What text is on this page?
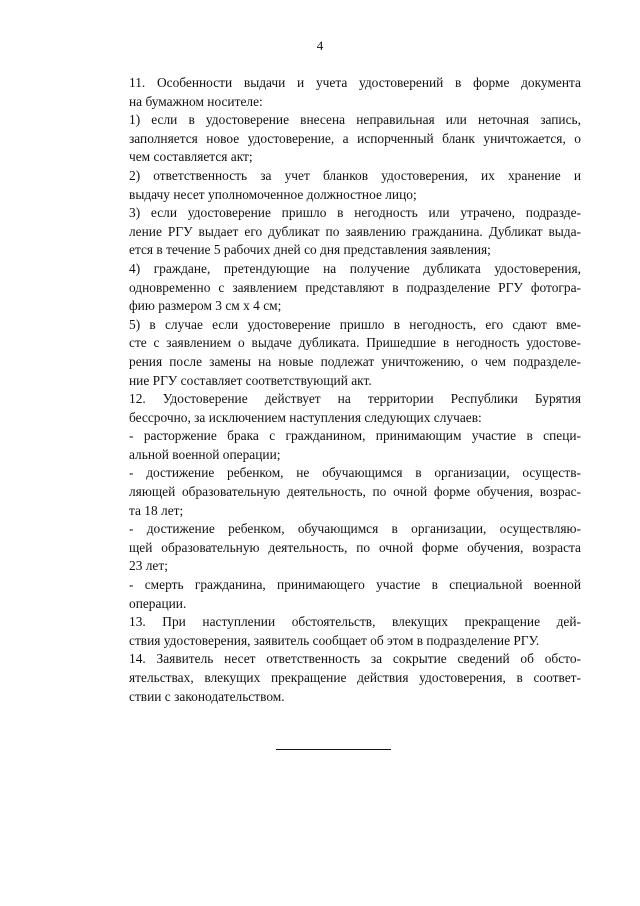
4

11. Особенности выдачи и учета удостоверений в форме документа
на бумажном носителе:

1) если в удостоверение внесена неправильная или неточная запись,
заполняется новое удостоверение, а испорченный бланк уничтожается, о
чем составляется акт;

2) ответственность за учет бланков удостоверения, их хранение и
выдачу несет уполномоченное должностное лицо;

3) если удостоверение пришло в негодность или утрачено, подразде-
ление РГУ выдает его дубликат по заявлению гражданина. Дубликат выда-
ется в течение 5 рабочих дней со дня представления заявления;

4) граждане, претендующие на получение дубликата удостоверения,
одновременно с заявлением представляют в подразделение РГУ фотогра-
фию размером 3 см х 4 см;

5) в случае если удостоверение пришло в негодность, его сдают вме-
сте с заявлением о выдаче дубликата. Пришедшие в негодность удостове-
рения после замены на новые подлежат уничтожению, о чем подразделе-
ние РГУ составляет соответствующий акт.

12. Удостоверение действует на территории Республики Бурятия
бессрочно, за исключением наступления следующих случаев:

- расторжение брака с гражданином, принимающим участие в специ-
альной военной операции;

- достижение ребенком, не обучающимся в организации, осуществ-
ляющей образовательную деятельность, по очной форме обучения, возрас-
та 18 лет;

- достижение ребенком, обучающимся в организации, осуществляю-
щей образовательную деятельность, по очной форме обучения, возраста
23 лет;

- смерть гражданина, принимающего участие в специальной военной
операции.

13. При наступлении обстоятельств, влекущих прекращение дей-
ствия удостоверения, заявитель сообщает об этом в подразделение РГУ.

14. Заявитель несет ответственность за сокрытие сведений об обсто-
ятельствах, влекущих прекращение действия удостоверения, в соответ-
ствии с законодательством.
